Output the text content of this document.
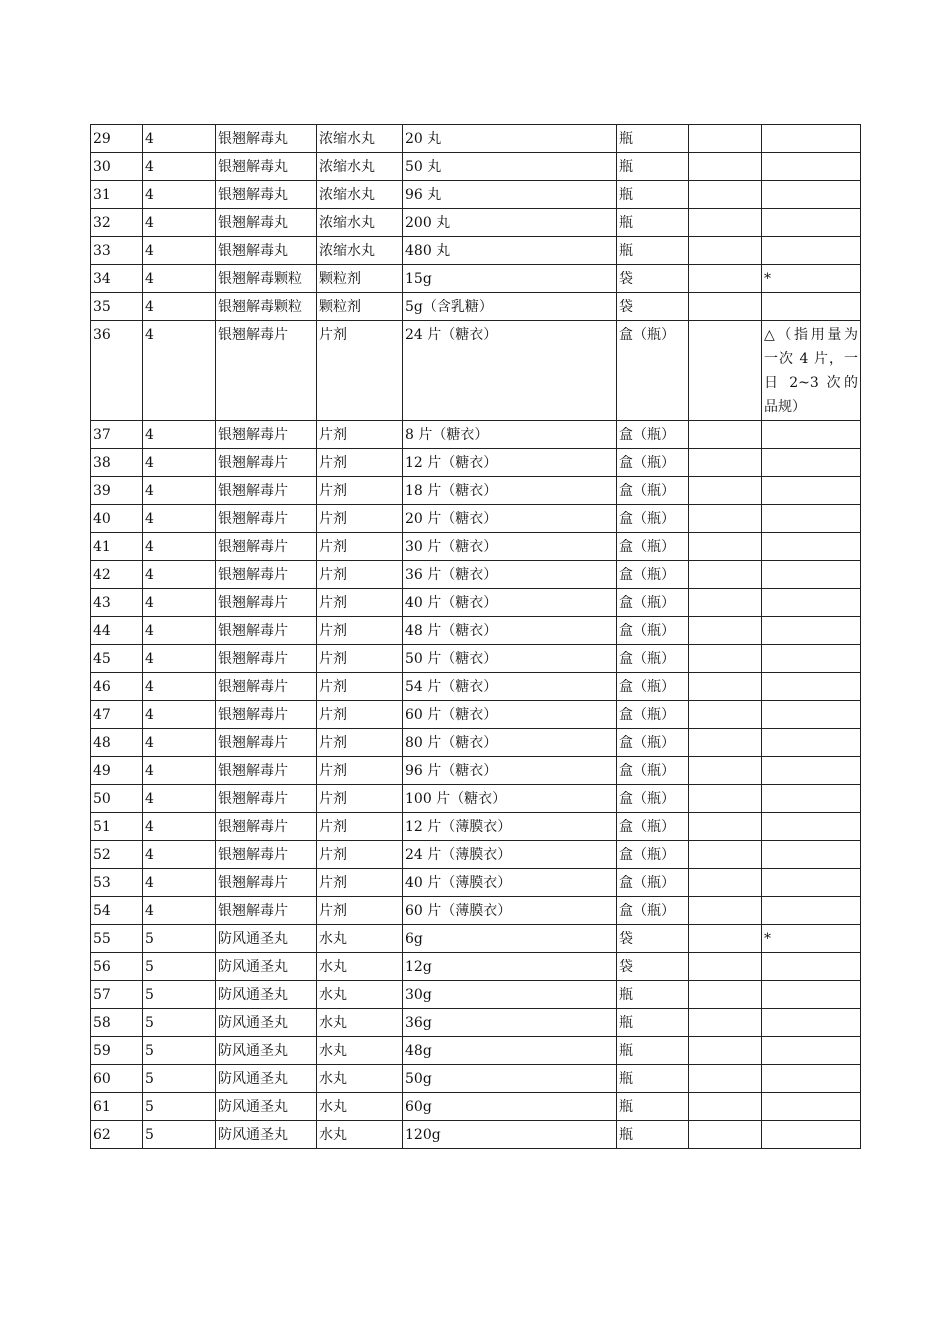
29	4	银翘解毒丸	浓缩水丸	20 丸	瓶		
30	4	银翘解毒丸	浓缩水丸	50 丸	瓶		
31	4	银翘解毒丸	浓缩水丸	96 丸	瓶		
32	4	银翘解毒丸	浓缩水丸	200 丸	瓶		
33	4	银翘解毒丸	浓缩水丸	480 丸	瓶		
34	4	银翘解毒颗粒	颗粒剂	15g	袋		*
35	4	银翘解毒颗粒	颗粒剂	5g（含乳糖）	袋		
36	4	银翘解毒片	片剂	24 片（糖衣）	盒（瓶）		△（指用量为一次 4 片，一日 2~3 次的品规）
37	4	银翘解毒片	片剂	8 片（糖衣）	盒（瓶）		
38	4	银翘解毒片	片剂	12 片（糖衣）	盒（瓶）		
39	4	银翘解毒片	片剂	18 片（糖衣）	盒（瓶）		
40	4	银翘解毒片	片剂	20 片（糖衣）	盒（瓶）		
41	4	银翘解毒片	片剂	30 片（糖衣）	盒（瓶）		
42	4	银翘解毒片	片剂	36 片（糖衣）	盒（瓶）		
43	4	银翘解毒片	片剂	40 片（糖衣）	盒（瓶）		
44	4	银翘解毒片	片剂	48 片（糖衣）	盒（瓶）		
45	4	银翘解毒片	片剂	50 片（糖衣）	盒（瓶）		
46	4	银翘解毒片	片剂	54 片（糖衣）	盒（瓶）		
47	4	银翘解毒片	片剂	60 片（糖衣）	盒（瓶）		
48	4	银翘解毒片	片剂	80 片（糖衣）	盒（瓶）		
49	4	银翘解毒片	片剂	96 片（糖衣）	盒（瓶）		
50	4	银翘解毒片	片剂	100 片（糖衣）	盒（瓶）		
51	4	银翘解毒片	片剂	12 片（薄膜衣）	盒（瓶）		
52	4	银翘解毒片	片剂	24 片（薄膜衣）	盒（瓶）		
53	4	银翘解毒片	片剂	40 片（薄膜衣）	盒（瓶）		
54	4	银翘解毒片	片剂	60 片（薄膜衣）	盒（瓶）		
55	5	防风通圣丸	水丸	6g	袋		*
56	5	防风通圣丸	水丸	12g	袋		
57	5	防风通圣丸	水丸	30g	瓶		
58	5	防风通圣丸	水丸	36g	瓶		
59	5	防风通圣丸	水丸	48g	瓶		
60	5	防风通圣丸	水丸	50g	瓶		
61	5	防风通圣丸	水丸	60g	瓶		
62	5	防风通圣丸	水丸	120g	瓶		
